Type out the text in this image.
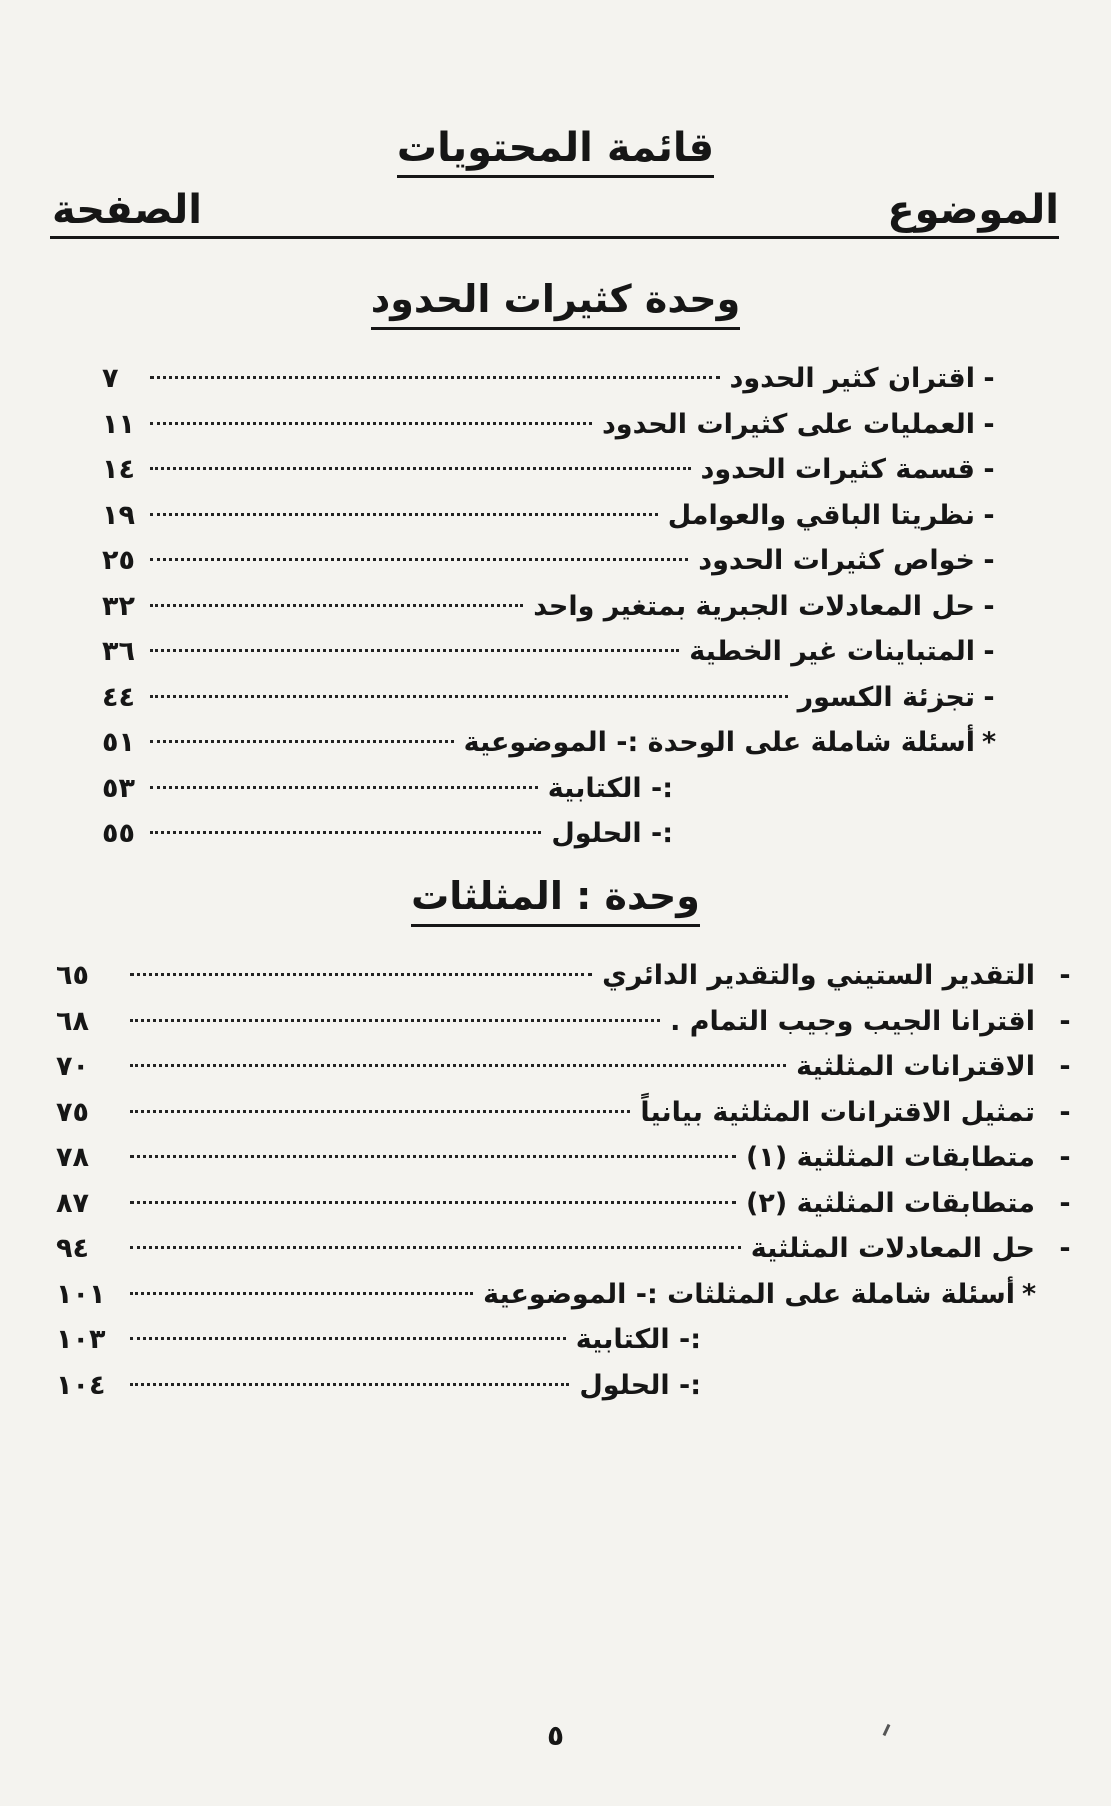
قائمة المحتويات
الموضوع
الصفحة
وحدة كثيرات الحدود
-
اقتران كثير الحدود
٧
-
العمليات على كثيرات الحدود
١١
-
قسمة كثيرات الحدود
١٤
-
نظريتا الباقي والعوامل
١٩
-
خواص كثيرات الحدود
٢٥
-
حل المعادلات الجبرية بمتغير واحد
٣٢
-
المتباينات غير الخطية
٣٦
-
تجزئة الكسور
٤٤
*
أسئلة شاملة على الوحدة :- الموضوعية
٥١
:- الكتابية
٥٣
:- الحلول
٥٥
وحدة : المثلثات
-
التقدير الستيني والتقدير الدائري
٦٥
-
اقترانا الجيب وجيب التمام .
٦٨
-
الاقترانات المثلثية
٧٠
-
تمثيل الاقترانات المثلثية بيانياً
٧٥
-
متطابقات المثلثية (١)
٧٨
-
متطابقات المثلثية (٢)
٨٧
-
حل المعادلات المثلثية
٩٤
*
أسئلة شاملة على المثلثات :- الموضوعية
١٠١
:- الكتابية
١٠٣
:- الحلول
١٠٤
٥
